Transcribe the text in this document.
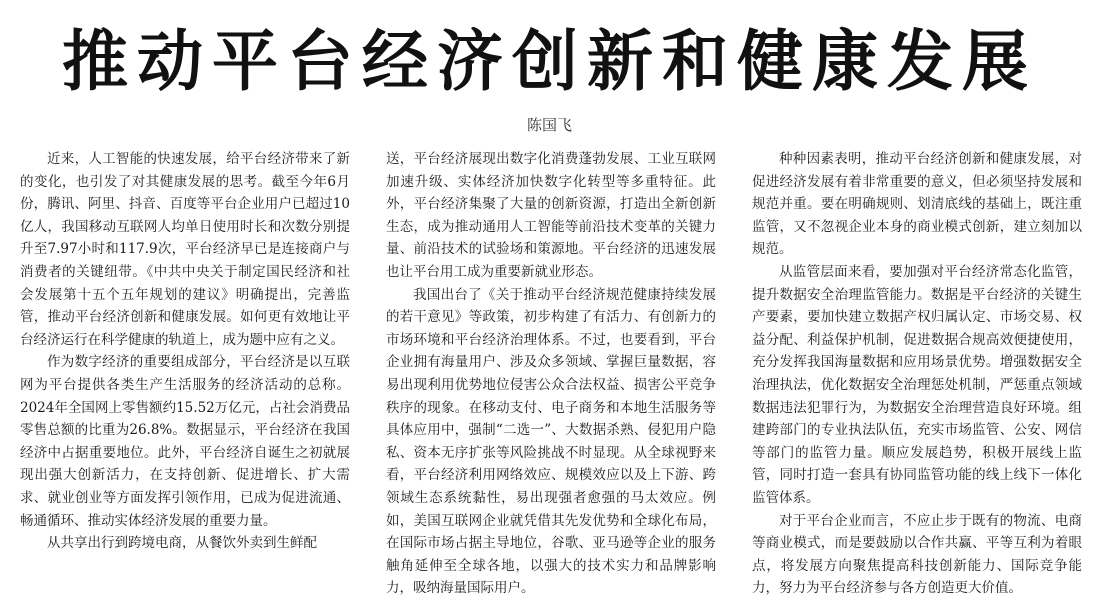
推动平台经济创新和健康发展
陈国飞

近来，人工智能的快速发展，给平台经济带来了新的变化，也引发了对其健康发展的思考。截至今年6月份，腾讯、阿里、抖音、百度等平台企业用户已超过10亿人，我国移动互联网人均单日使用时长和次数分别提升至7.97小时和117.9次，平台经济早已是连接商户与消费者的关键纽带。《中共中央关于制定国民经济和社会发展第十五个五年规划的建议》明确提出，完善监管，推动平台经济创新和健康发展。如何更有效地让平台经济运行在科学健康的轨道上，成为题中应有之义。

作为数字经济的重要组成部分，平台经济是以互联网为平台提供各类生产生活服务的经济活动的总称。2024年全国网上零售额约15.52万亿元，占社会消费品零售总额的比重为26.8%。数据显示，平台经济在我国经济中占据重要地位。此外，平台经济自诞生之初就展现出强大创新活力，在支持创新、促进增长、扩大需求、就业创业等方面发挥引领作用，已成为促进流通、畅通循环、推动实体经济发展的重要力量。

从共享出行到跨境电商，从餐饮外卖到生鲜配

送，平台经济展现出数字化消费蓬勃发展、工业互联网加速升级、实体经济加快数字化转型等多重特征。此外，平台经济集聚了大量的创新资源，打造出全新创新生态，成为推动通用人工智能等前沿技术变革的关键力量、前沿技术的试验场和策源地。平台经济的迅速发展也让平台用工成为重要新就业形态。

我国出台了《关于推动平台经济规范健康持续发展的若干意见》等政策，初步构建了有活力、有创新力的市场环境和平台经济治理体系。不过，也要看到，平台企业拥有海量用户、涉及众多领域、掌握巨量数据，容易出现利用优势地位侵害公众合法权益、损害公平竞争秩序的现象。在移动支付、电子商务和本地生活服务等具体应用中，强制“二选一”、大数据杀熟、侵犯用户隐私、资本无序扩张等风险挑战不时显现。从全球视野来看，平台经济利用网络效应、规模效应以及上下游、跨领域生态系统黏性，易出现强者愈强的马太效应。例如，美国互联网企业就凭借其先发优势和全球化布局，在国际市场占据主导地位，谷歌、亚马逊等企业的服务触角延伸至全球各地，以强大的技术实力和品牌影响力，吸纳海量国际用户。

种种因素表明，推动平台经济创新和健康发展，对促进经济发展有着非常重要的意义，但必须坚持发展和规范并重。要在明确规则、划清底线的基础上，既注重监管，又不忽视企业本身的商业模式创新，建立刻加以规范。

从监管层面来看，要加强对平台经济常态化监管，提升数据安全治理监管能力。数据是平台经济的关键生产要素，要加快建立数据产权归属认定、市场交易、权益分配、利益保护机制，促进数据合规高效便捷使用，充分发挥我国海量数据和应用场景优势。增强数据安全治理执法，优化数据安全治理惩处机制，严惩重点领域数据违法犯罪行为，为数据安全治理营造良好环境。组建跨部门的专业执法队伍，充实市场监管、公安、网信等部门的监管力量。顺应发展趋势，积极开展线上监管，同时打造一套具有协同监管功能的线上线下一体化监管体系。

对于平台企业而言，不应止步于既有的物流、电商等商业模式，而是要鼓励以合作共赢、平等互利为着眼点，将发展方向聚焦提高科技创新能力、国际竞争能力，努力为平台经济参与各方创造更大价值。
